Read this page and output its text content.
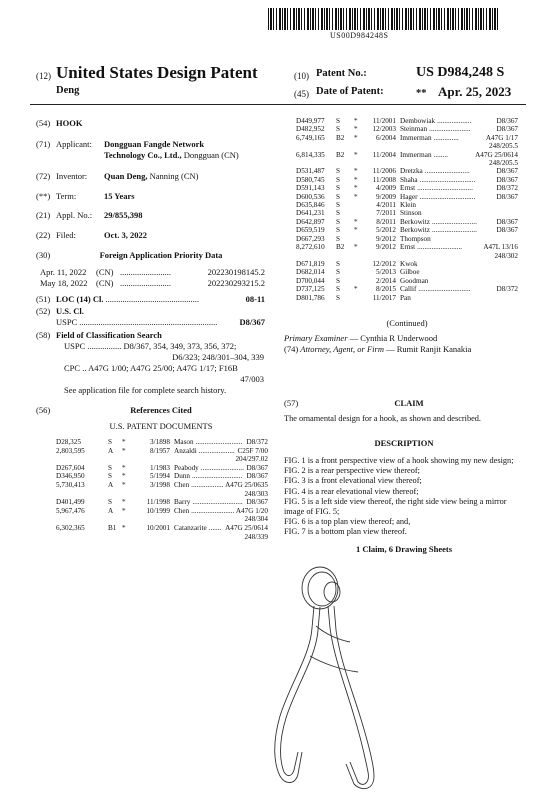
US00D984248S
(12) United States Design Patent
Deng
(10) Patent No.:	US D984,248 S
(45) Date of Patent:	** Apr. 25, 2023
(54) HOOK
(71) Applicant: Dongguan Fangde Network
Technology Co., Ltd., Dongguan (CN)
(72) Inventor: Quan Deng, Nanning (CN)
(**) Term:	15 Years
(21) Appl. No.: 29/855,398
(22) Filed:	Oct. 3, 2022
(30)	Foreign Application Priority Data
Apr. 11, 2022	(CN) ........................	202230198145.2
May 18, 2022	(CN) ........................	202230293215.2
(51) LOC (14) Cl. ............................................	08-11
(52) U.S. Cl.
USPC .................................................................	D8/367
(58) Field of Classification Search
USPC ................ D8/367, 354, 349, 373, 356, 372;
D6/323; 248/301–304, 339
CPC .. A47G 1/00; A47G 25/00; A47G 1/17; F16B
47/003
See application file for complete search history.
(56)	References Cited
U.S. PATENT DOCUMENTS
D28,325	S	*	3/1898 Mason .......................... D8/372
2,803,595	A	*	8/1957 Anzaldi .................... C25F 7/00
204/297.02
D267,604	S	*	1/1983 Peabody ........................ D8/367
D346,950	S	*	5/1994 Dunn ............................ D8/367
5,730,413	A	*	3/1998 Chen .................. A47G 25/0635
248/303
D401,499	S	*	11/1998 Barry ............................ D8/367
5,967,476	A	*	10/1999 Chen ........................ A47G 1/20
248/304
6,302,365	B1 *	10/2001 Catanzarite ....... A47G 25/0614
248/339
D449,977	S	*	11/2001 Dembowiak ...................	D8/367
D482,952	S	*	12/2003 Steinman .......................	D8/367
6,749,165	B2	*	6/2004 Immerman ..............	A47G 1/17
248/205.5
6,814,335	B2	*	11/2004 Immerman ........	A47G 25/0614
248/205.5
D531,487	S	*	11/2006 Dretzka .........................	D8/367
D580,745	S	*	11/2008 Shaha ...............................	D8/367
D591,143	S	*	4/2009 Ernst ...............................	D8/372
D600,536	S	*	9/2009 Hager ...............................	D8/367
D635,846	S	4/2011 Klein
D641,231	S	7/2011 Stinson
D642,897	S	*	8/2011 Berkowitz .........................	D8/367
D659,519	S	*	5/2012 Berkowitz .........................	D8/367
D667,293	S	9/2012 Thompson
8,272,610	B2	*	9/2012 Ernst .........................	A47L 13/16
248/302
D671,819	S	12/2012 Kwok
D682,014	S	5/2013 Gilboe
D700,044	S	2/2014 Goodman
D737,125	S	*	8/2015 Callif .............................	D8/372
D801,786	S	11/2017 Pan
(Continued)
Primary Examiner — Cynthia R Underwood
(74) Attorney, Agent, or Firm — Rumit Ranjit Kanakia
(57)	CLAIM
The ornamental design for a hook, as shown and described.
DESCRIPTION
FIG. 1 is a front perspective view of a hook showing my new design;
FIG. 2 is a rear perspective view thereof;
FIG. 3 is a front elevational view thereof;
FIG. 4 is a rear elevational view thereof;
FIG. 5 is a left side view thereof, the right side view being a mirror image of FIG. 5;
FIG. 6 is a top plan view thereof; and,
FIG. 7 is a bottom plan view thereof.
1 Claim, 6 Drawing Sheets
